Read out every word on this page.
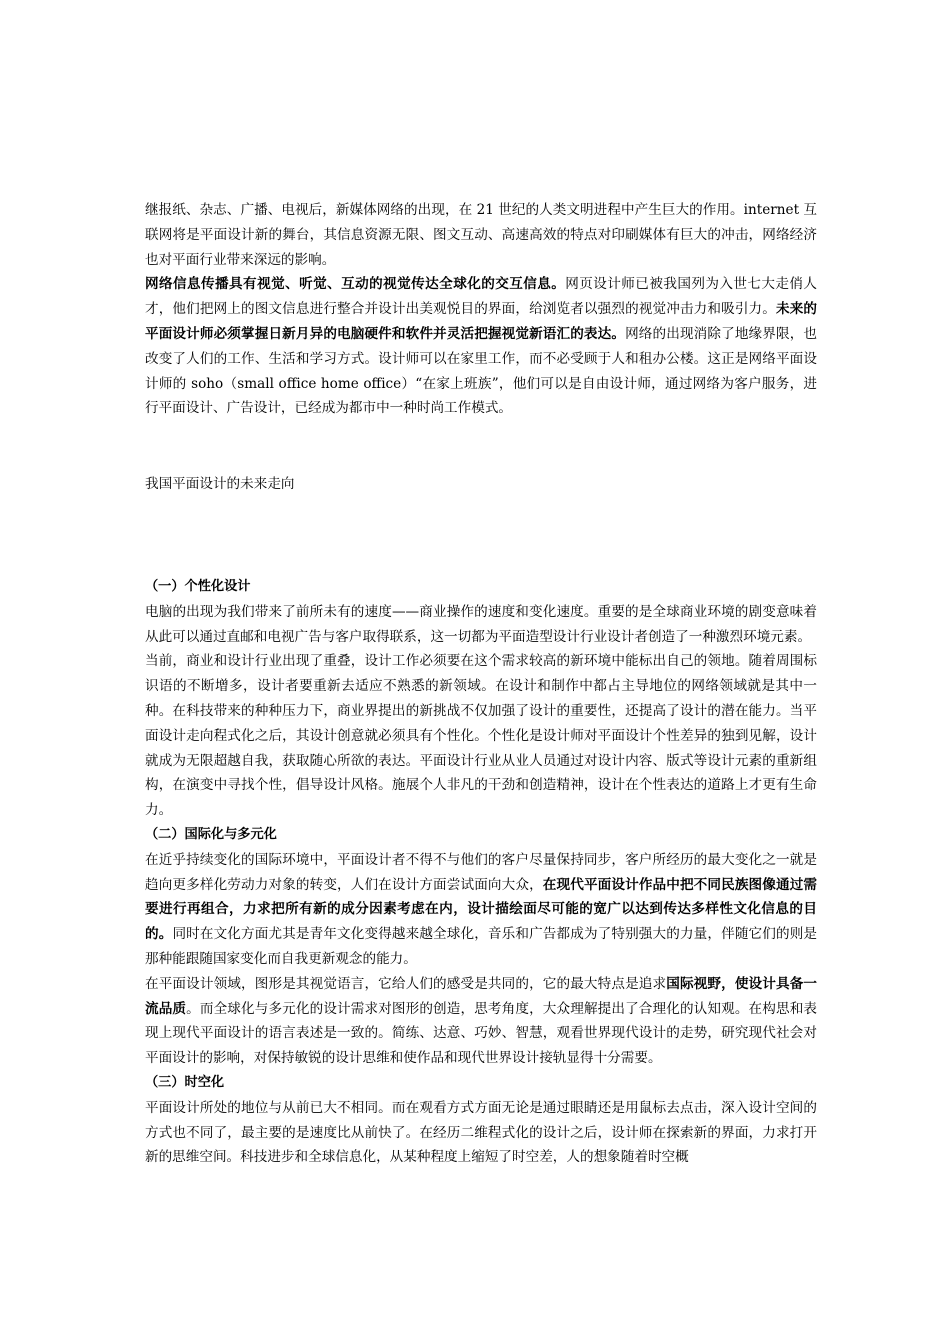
继报纸、杂志、广播、电视后，新媒体网络的出现，在 21 世纪的人类文明进程中产生巨大的作用。internet 互联网将是平面设计新的舞台，其信息资源无限、图文互动、高速高效的特点对印刷媒体有巨大的冲击，网络经济也对平面行业带来深远的影响。

网络信息传播具有视觉、听觉、互动的视觉传达全球化的交互信息。网页设计师已被我国列为入世七大走俏人才，他们把网上的图文信息进行整合并设计出美观悦目的界面，给浏览者以强烈的视觉冲击力和吸引力。未来的平面设计师必须掌握日新月异的电脑硬件和软件并灵活把握视觉新语汇的表达。网络的出现消除了地缘界限，也改变了人们的工作、生活和学习方式。设计师可以在家里工作，而不必受顾于人和租办公楼。这正是网络平面设计师的 soho（small office home office）“在家上班族”，他们可以是自由设计师，通过网络为客户服务，进行平面设计、广告设计，已经成为都市中一种时尚工作模式。

我国平面设计的未来走向
（一）个性化设计

电脑的出现为我们带来了前所未有的速度——商业操作的速度和变化速度。重要的是全球商业环境的剧变意味着从此可以通过直邮和电视广告与客户取得联系，这一切都为平面造型设计行业设计者创造了一种激烈环境元素。

当前，商业和设计行业出现了重叠，设计工作必须要在这个需求较高的新环境中能标出自己的领地。随着周围标识语的不断增多，设计者要重新去适应不熟悉的新领域。在设计和制作中都占主导地位的网络领域就是其中一种。在科技带来的种种压力下，商业界提出的新挑战不仅加强了设计的重要性，还提高了设计的潜在能力。当平面设计走向程式化之后，其设计创意就必须具有个性化。个性化是设计师对平面设计个性差异的独到见解，设计就成为无限超越自我，获取随心所欲的表达。平面设计行业从业人员通过对设计内容、版式等设计元素的重新组构，在演变中寻找个性，倡导设计风格。施展个人非凡的干劲和创造精神，设计在个性表达的道路上才更有生命力。

（二）国际化与多元化

在近乎持续变化的国际环境中，平面设计者不得不与他们的客户尽量保持同步，客户所经历的最大变化之一就是趋向更多样化劳动力对象的转变，人们在设计方面尝试面向大众，在现代平面设计作品中把不同民族图像通过需要进行再组合，力求把所有新的成分因素考虑在内，设计描绘面尽可能的宽广以达到传达多样性文化信息的目的。同时在文化方面尤其是青年文化变得越来越全球化，音乐和广告都成为了特别强大的力量，伴随它们的则是那种能跟随国家变化而自我更新观念的能力。

在平面设计领域，图形是其视觉语言，它给人们的感受是共同的，它的最大特点是追求国际视野，使设计具备一流品质。而全球化与多元化的设计需求对图形的创造，思考角度，大众理解提出了合理化的认知观。在构思和表现上现代平面设计的语言表述是一致的。简练、达意、巧妙、智慧，观看世界现代设计的走势，研究现代社会对平面设计的影响，对保持敏锐的设计思维和使作品和现代世界设计接轨显得十分需要。

（三）时空化

平面设计所处的地位与从前已大不相同。而在观看方式方面无论是通过眼睛还是用鼠标去点击，深入设计空间的方式也不同了，最主要的是速度比从前快了。在经历二维程式化的设计之后，设计师在探索新的界面，力求打开新的思维空间。科技进步和全球信息化，从某种程度上缩短了时空差，人的想象随着时空概
